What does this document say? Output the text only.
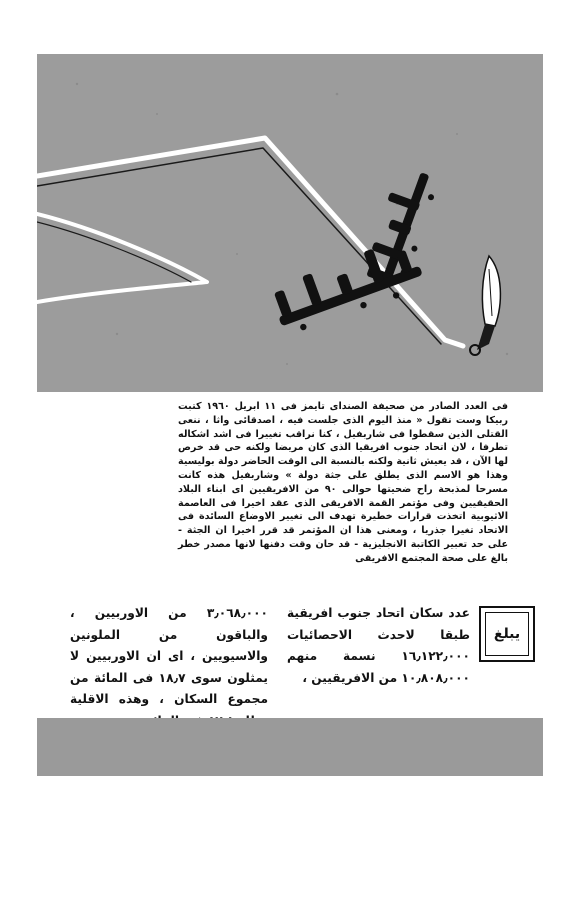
فى العدد الصادر من صحيفة الصنداى تايمز فى ١١ ابريل ١٩٦٠ كتبت ربيكا وست تقول « منذ اليوم الذى جلست فيه ، اصدقائى واثا ، ننعى القتلى الذين سقطوا فى شاربفيل ، كنا نراقب تغييرا فى اشد اشكاله تطرفا ، لان اتحاد جنوب افريقيا الذى كان مريضا ولكنه حى قد خرص لها الآن ، قد يعيش ثانية ولكنه بالنسبة الى الوقت الحاضر دولة بوليسية وهذا هو الاسم الذى يطلق على جثة دولة » وشاربفيل هذه كانت مسرحا لمذبحة راح ضحيتها حوالى ٩٠ من الافريقيين اى ابناء البلاد الحقيقيين وفى مؤتمر القمة الافريقى الذى عقد اخيرا فى العاصمة الاثيوبية اتخذت قرارات خطيرة تهدف الى تغيير الاوضاع السائدة فى الاتحاد تغيرا جذريا ، ومعنى هذا ان المؤتمر قد قرر اخيرا ان الجثة - على حد تعبير الكاتبة الانجليزية - قد حان وقت دفنها لانها مصدر خطر بالغ على صحة المجتمع الافريقى

يبلغ

عدد سكان اتحاد جنوب افريقية طبقا لاحدث الاحصائيات ١٦٫١٢٢٫٠٠٠ نسمة منهم ١٠٫٨٠٨٫٠٠٠ من الافريقيين ،

٣٫٠٦٨٫٠٠٠ من الاوربيين ، والباقون من الملونين والاسيويين ، اى ان الاوربيين لا يمثلون سوى ١٨٫٧ فى المائة من مجموع السكان ، وهذه الاقلية
